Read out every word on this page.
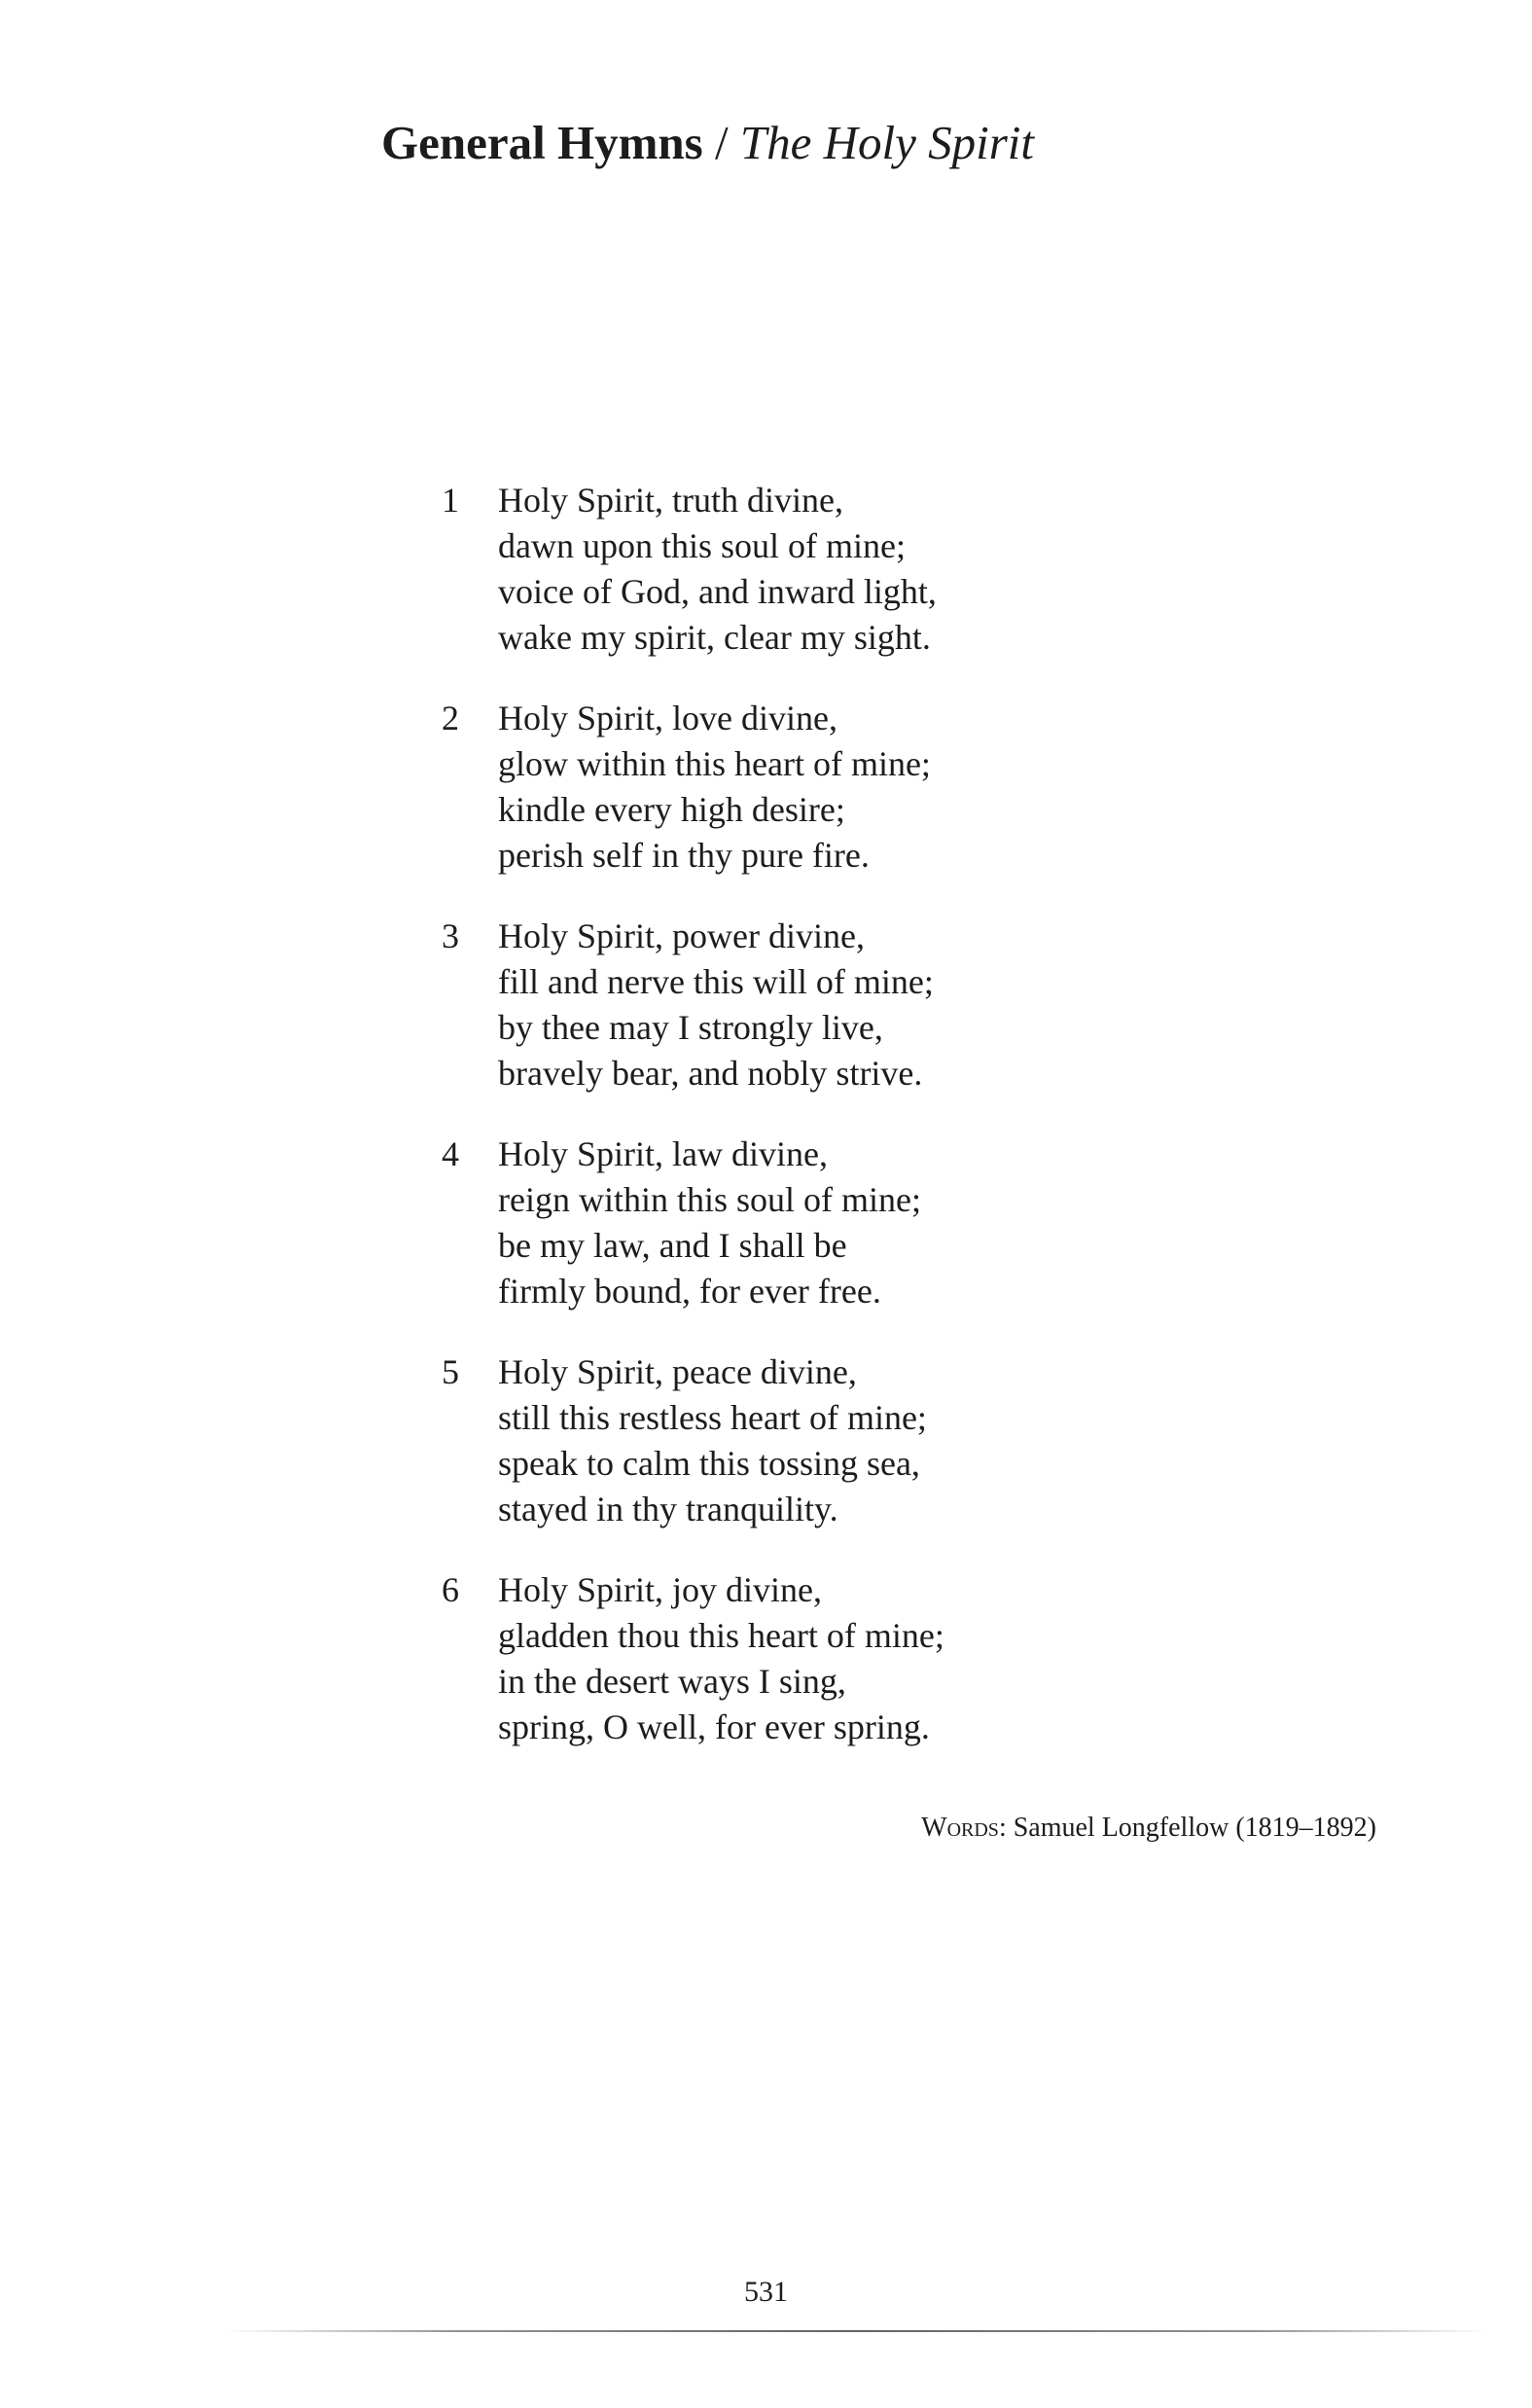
General Hymns / The Holy Spirit
1 Holy Spirit, truth divine,
dawn upon this soul of mine;
voice of God, and inward light,
wake my spirit, clear my sight.
2 Holy Spirit, love divine,
glow within this heart of mine;
kindle every high desire;
perish self in thy pure fire.
3 Holy Spirit, power divine,
fill and nerve this will of mine;
by thee may I strongly live,
bravely bear, and nobly strive.
4 Holy Spirit, law divine,
reign within this soul of mine;
be my law, and I shall be
firmly bound, for ever free.
5 Holy Spirit, peace divine,
still this restless heart of mine;
speak to calm this tossing sea,
stayed in thy tranquility.
6 Holy Spirit, joy divine,
gladden thou this heart of mine;
in the desert ways I sing,
spring, O well, for ever spring.
Words: Samuel Longfellow (1819–1892)
531
